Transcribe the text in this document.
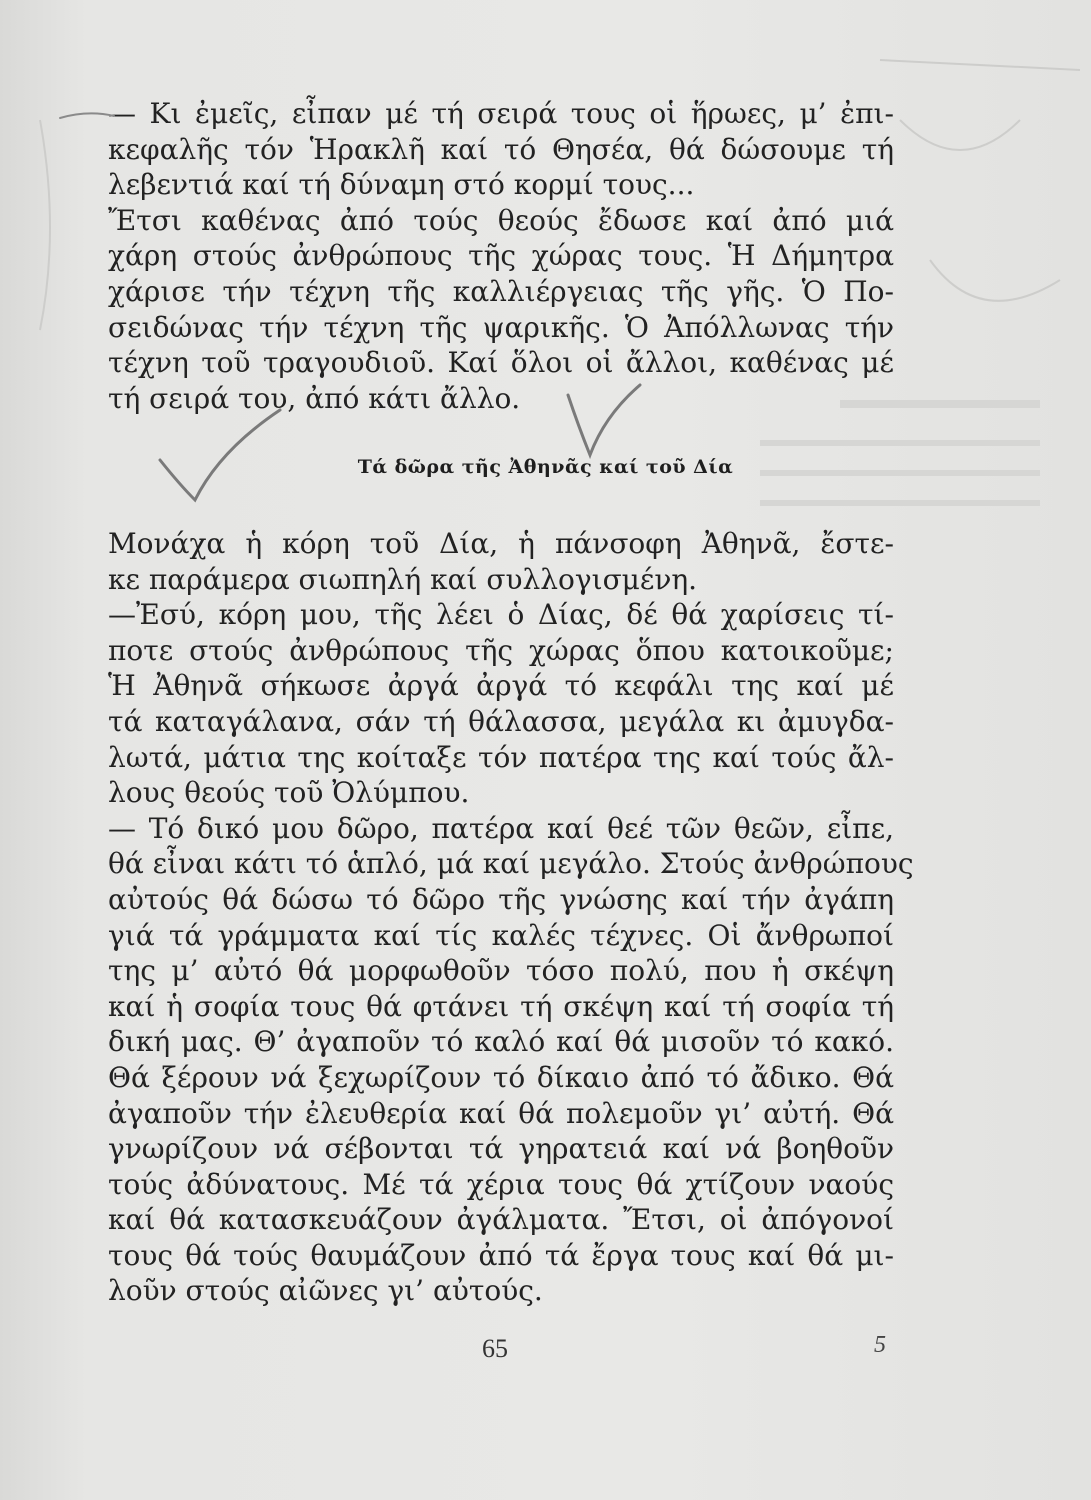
— Κι ἐμεῖς, εἶπαν μέ τή σειρά τους οἱ ἥρωες, μ’ ἐπι-
κεφαλῆς τόν Ἡρακλῆ καί τό Θησέα, θά δώσουμε τή
λεβεντιά καί τή δύναμη στό κορμί τους...

Ἔτσι καθένας ἀπό τούς θεούς ἔδωσε καί ἀπό μιά
χάρη στούς ἀνθρώπους τῆς χώρας τους. Ἡ Δήμητρα
χάρισε τήν τέχνη τῆς καλλιέργειας τῆς γῆς. Ὁ Πο-
σειδώνας τήν τέχνη τῆς ψαρικῆς. Ὁ Ἀπόλλωνας τήν
τέχνη τοῦ τραγουδιοῦ. Καί ὅλοι οἱ ἄλλοι, καθένας μέ
τή σειρά του, ἀπό κάτι ἄλλο.

Τά δῶρα τῆς Ἀθηνᾶς καί τοῦ Δία

Μονάχα ἡ κόρη τοῦ Δία, ἡ πάνσοφη Ἀθηνᾶ, ἔστε-
κε παράμερα σιωπηλή καί συλλογισμένη.

—Ἐσύ, κόρη μου, τῆς λέει ὁ Δίας, δέ θά χαρίσεις τί-
ποτε στούς ἀνθρώπους τῆς χώρας ὅπου κατοικοῦμε;

Ἡ Ἀθηνᾶ σήκωσε ἀργά ἀργά τό κεφάλι της καί μέ
τά καταγάλανα, σάν τή θάλασσα, μεγάλα κι ἀμυγδα-
λωτά, μάτια της κοίταξε τόν πατέρα της καί τούς ἄλ-
λους θεούς τοῦ Ὀλύμπου.

— Τό δικό μου δῶρο, πατέρα καί θεέ τῶν θεῶν, εἶπε,
θά εἶναι κάτι τό ἁπλό, μά καί μεγάλο. Στούς ἀνθρώπους
αὐτούς θά δώσω τό δῶρο τῆς γνώσης καί τήν ἀγάπη
γιά τά γράμματα καί τίς καλές τέχνες. Οἱ ἄνθρωποί
της μ’ αὐτό θά μορφωθοῦν τόσο πολύ, που ἡ σκέψη
καί ἡ σοφία τους θά φτάνει τή σκέψη καί τή σοφία τή
δική μας. Θ’ ἀγαποῦν τό καλό καί θά μισοῦν τό κακό.
Θά ξέρουν νά ξεχωρίζουν τό δίκαιο ἀπό τό ἄδικο. Θά
ἀγαποῦν τήν ἐλευθερία καί θά πολεμοῦν γι’ αὐτή. Θά
γνωρίζουν νά σέβονται τά γηρατειά καί νά βοηθοῦν
τούς ἀδύνατους. Μέ τά χέρια τους θά χτίζουν ναούς
καί θά κατασκευάζουν ἀγάλματα. Ἔτσι, οἱ ἀπόγονοί
τους θά τούς θαυμάζουν ἀπό τά ἔργα τους καί θά μι-
λοῦν στούς αἰῶνες γι’ αὐτούς.

65	5
